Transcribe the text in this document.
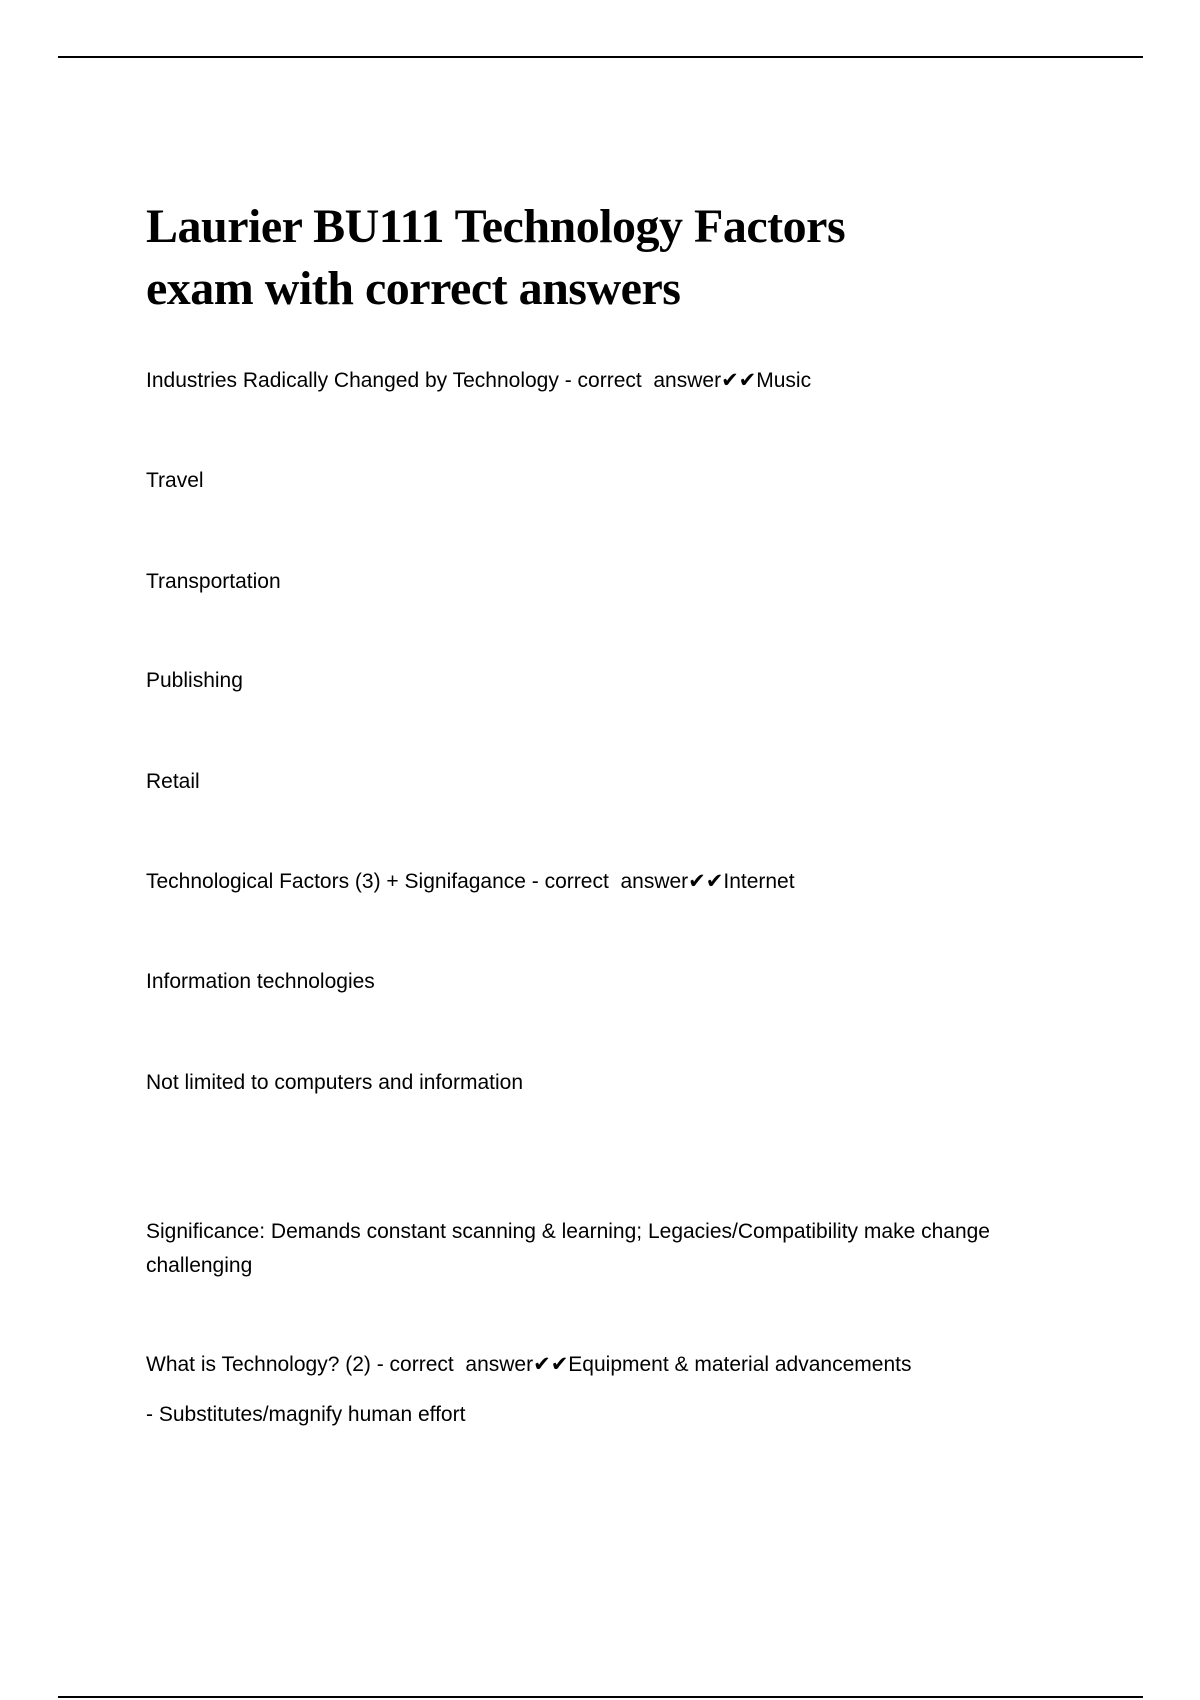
Laurier BU111 Technology Factors
exam with correct answers

Industries Radically Changed by Technology - correct  answer✔✔Music

Travel

Transportation

Publishing

Retail

Technological Factors (3) + Signifagance - correct  answer✔✔Internet

Information technologies

Not limited to computers and information

Significance: Demands constant scanning & learning; Legacies/Compatibility make change
challenging

What is Technology? (2) - correct  answer✔✔Equipment & material advancements

- Substitutes/magnify human effort
